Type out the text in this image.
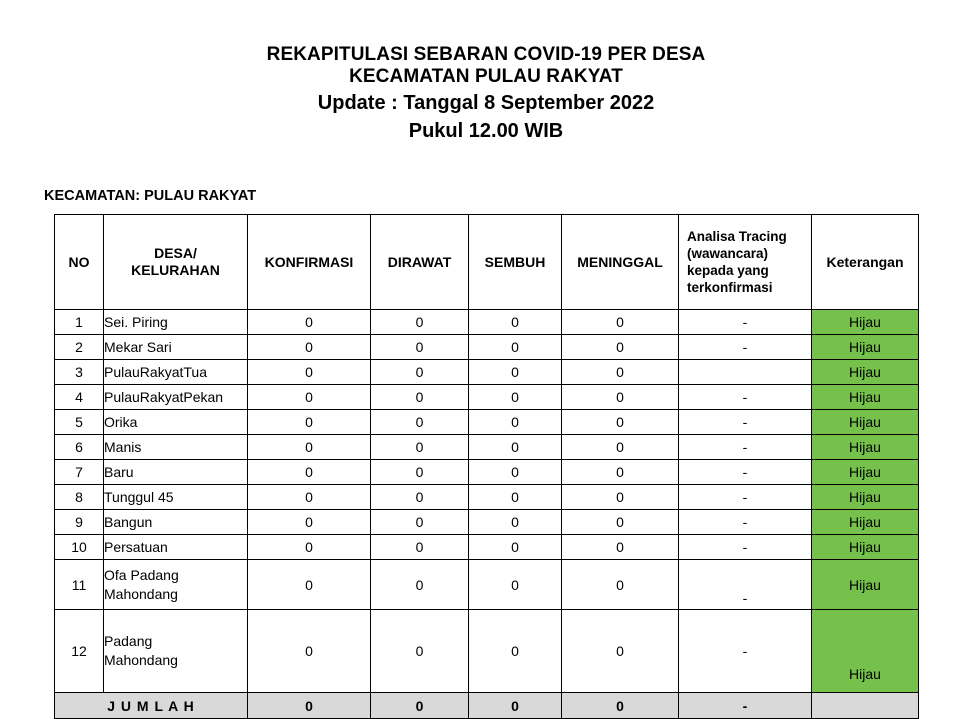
REKAPITULASI SEBARAN COVID-19 PER DESA
KECAMATAN PULAU RAKYAT
Update : Tanggal 8 September 2022
Pukul 12.00 WIB
KECAMATAN: PULAU RAKYAT
NO	DESA/
KELURAHAN	KONFIRMASI	DIRAWAT	SEMBUH	MENINGGAL	Analisa Tracing (wawancara) kepada yang terkonfirmasi	Keterangan
1	Sei. Piring	0	0	0	0	-	Hijau
2	Mekar Sari	0	0	0	0	-	Hijau
3	PulauRakyatTua	0	0	0	0		Hijau
4	PulauRakyatPekan	0	0	0	0	-	Hijau
5	Orika	0	0	0	0	-	Hijau
6	Manis	0	0	0	0	-	Hijau
7	Baru	0	0	0	0	-	Hijau
8	Tunggul 45	0	0	0	0	-	Hijau
9	Bangun	0	0	0	0	-	Hijau
10	Persatuan	0	0	0	0	-	Hijau
11	Ofa Padang
Mahondang	0	0	0	0	-	Hijau
12	Padang
Mahondang	0	0	0	0	-	Hijau
J U M L A H		0	0	0	0	-	
